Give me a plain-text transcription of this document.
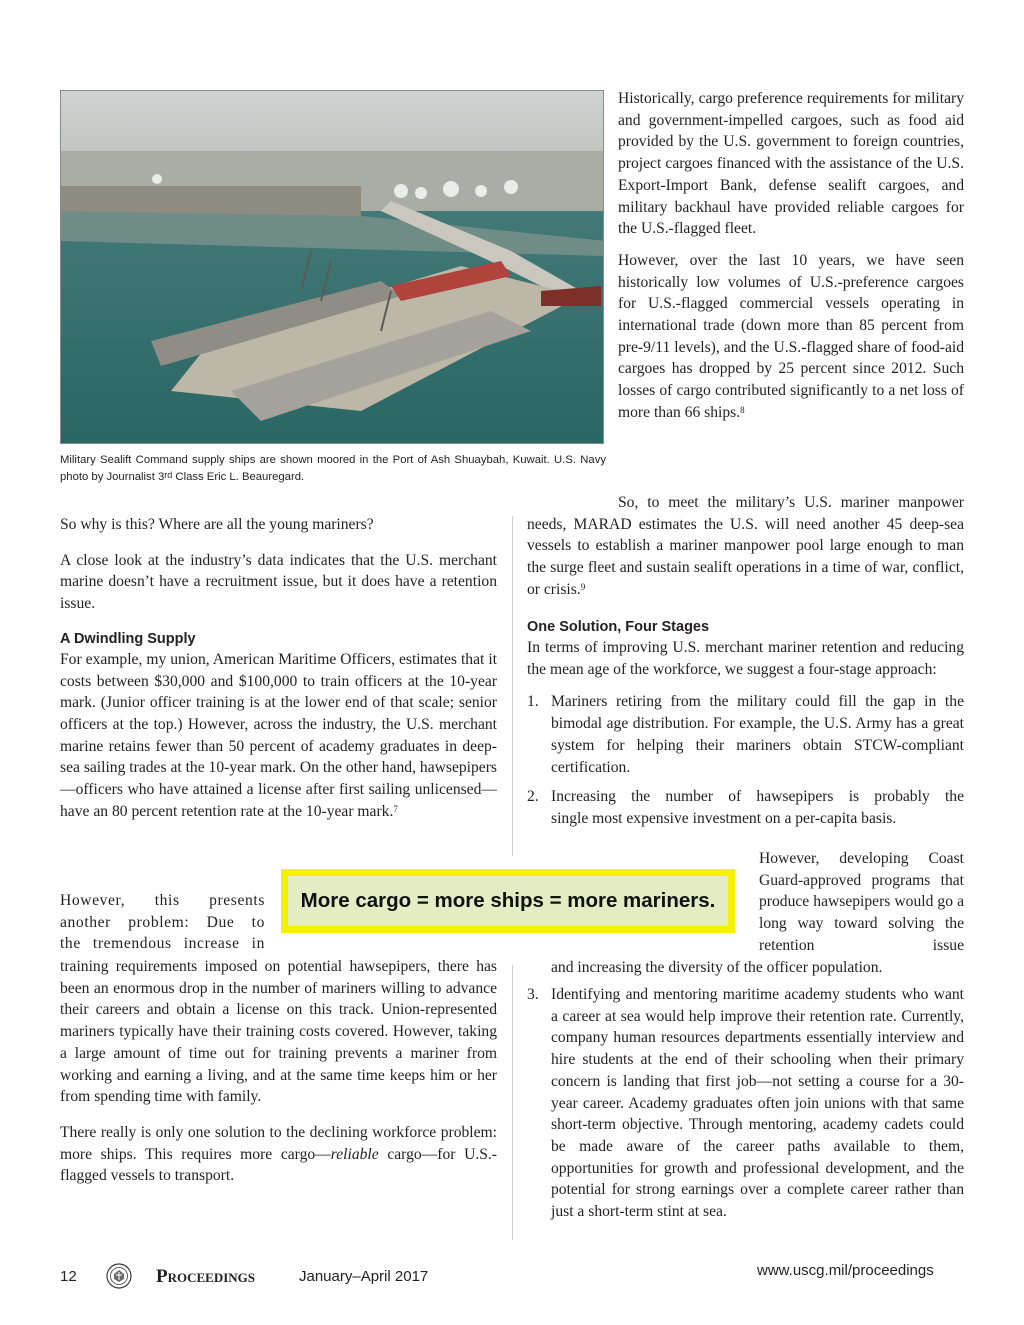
Military Sealift Command supply ships are shown moored in the Port of Ash Shuaybah, Kuwait. U.S. Navy photo by Journalist 3rd Class Eric L. Beauregard.

Historically, cargo preference requirements for military and government-impelled cargoes, such as food aid provided by the U.S. government to foreign countries, project cargoes financed with the assistance of the U.S. Export-Import Bank, defense sealift cargoes, and military backhaul have provided reliable cargoes for the U.S.-flagged fleet.

However, over the last 10 years, we have seen historically low volumes of U.S.-preference cargoes for U.S.-flagged commercial vessels operating in international trade (down more than 85 percent from pre-9/11 levels), and the U.S.-flagged share of food-aid cargoes has dropped by 25 percent since 2012. Such losses of cargo contributed significantly to a net loss of more than 66 ships.$^8$

So, to meet the military’s U.S. mariner manpower needs, MARAD estimates the U.S. will need another 45 deep-sea vessels to establish a mariner manpower pool large enough to man the surge fleet and sustain sealift operations in a time of war, conflict, or crisis.$^9$

So why is this? Where are all the young mariners?

A close look at the industry’s data indicates that the U.S. merchant marine doesn’t have a recruitment issue, but it does have a retention issue.

A Dwindling Supply

For example, my union, American Maritime Officers, estimates that it costs between $30,000 and $100,000 to train officers at the 10-year mark. (Junior officer training is at the lower end of that scale; senior officers at the top.) However, across the industry, the U.S. merchant marine retains fewer than 50 percent of academy graduates in deep-sea sailing trades at the 10-year mark. On the other hand, hawsepipers—officers who have attained a license after first sailing unlicensed—have an 80 percent retention rate at the 10-year mark.$^7$

However, this presents
another problem: Due to
the tremendous increase in

training requirements imposed on potential hawsepipers, there has been an enormous drop in the number of mariners willing to advance their careers and obtain a license on this track. Union-represented mariners typically have their training costs covered. However, taking a large amount of time out for training prevents a mariner from working and earning a living, and at the same time keeps him or her from spending time with family.

There really is only one solution to the declining workforce problem: more ships. This requires more cargo—reliable cargo—for U.S.-flagged vessels to transport.

One Solution, Four Stages

In terms of improving U.S. merchant mariner retention and reducing the mean age of the workforce, we suggest a four-stage approach:

1. Mariners retiring from the military could fill the gap in the bimodal age distribution. For example, the U.S. Army has a great system for helping their mariners obtain STCW-compliant certification.
2. Increasing the number of hawsepipers is probably the
single most expensive investment on a per-capita basis.
However, developing Coast Guard-approved programs that produce hawsepipers would go a long way toward solving the retention issue
and increasing the diversity of the officer population.
3. Identifying and mentoring maritime academy students who want a career at sea would help improve their retention rate. Currently, company human resources departments essentially interview and hire students at the end of their schooling when their primary concern is landing that first job—not setting a course for a 30-year career. Academy graduates often join unions with that same short-term objective. Through mentoring, academy cadets could be made aware of the career paths available to them, opportunities for growth and professional development, and the potential for strong earnings over a complete career rather than just a short-term stint at sea.
More cargo = more ships = more mariners.
12	Proceedings	January–April 2017	www.uscg.mil/proceedings
